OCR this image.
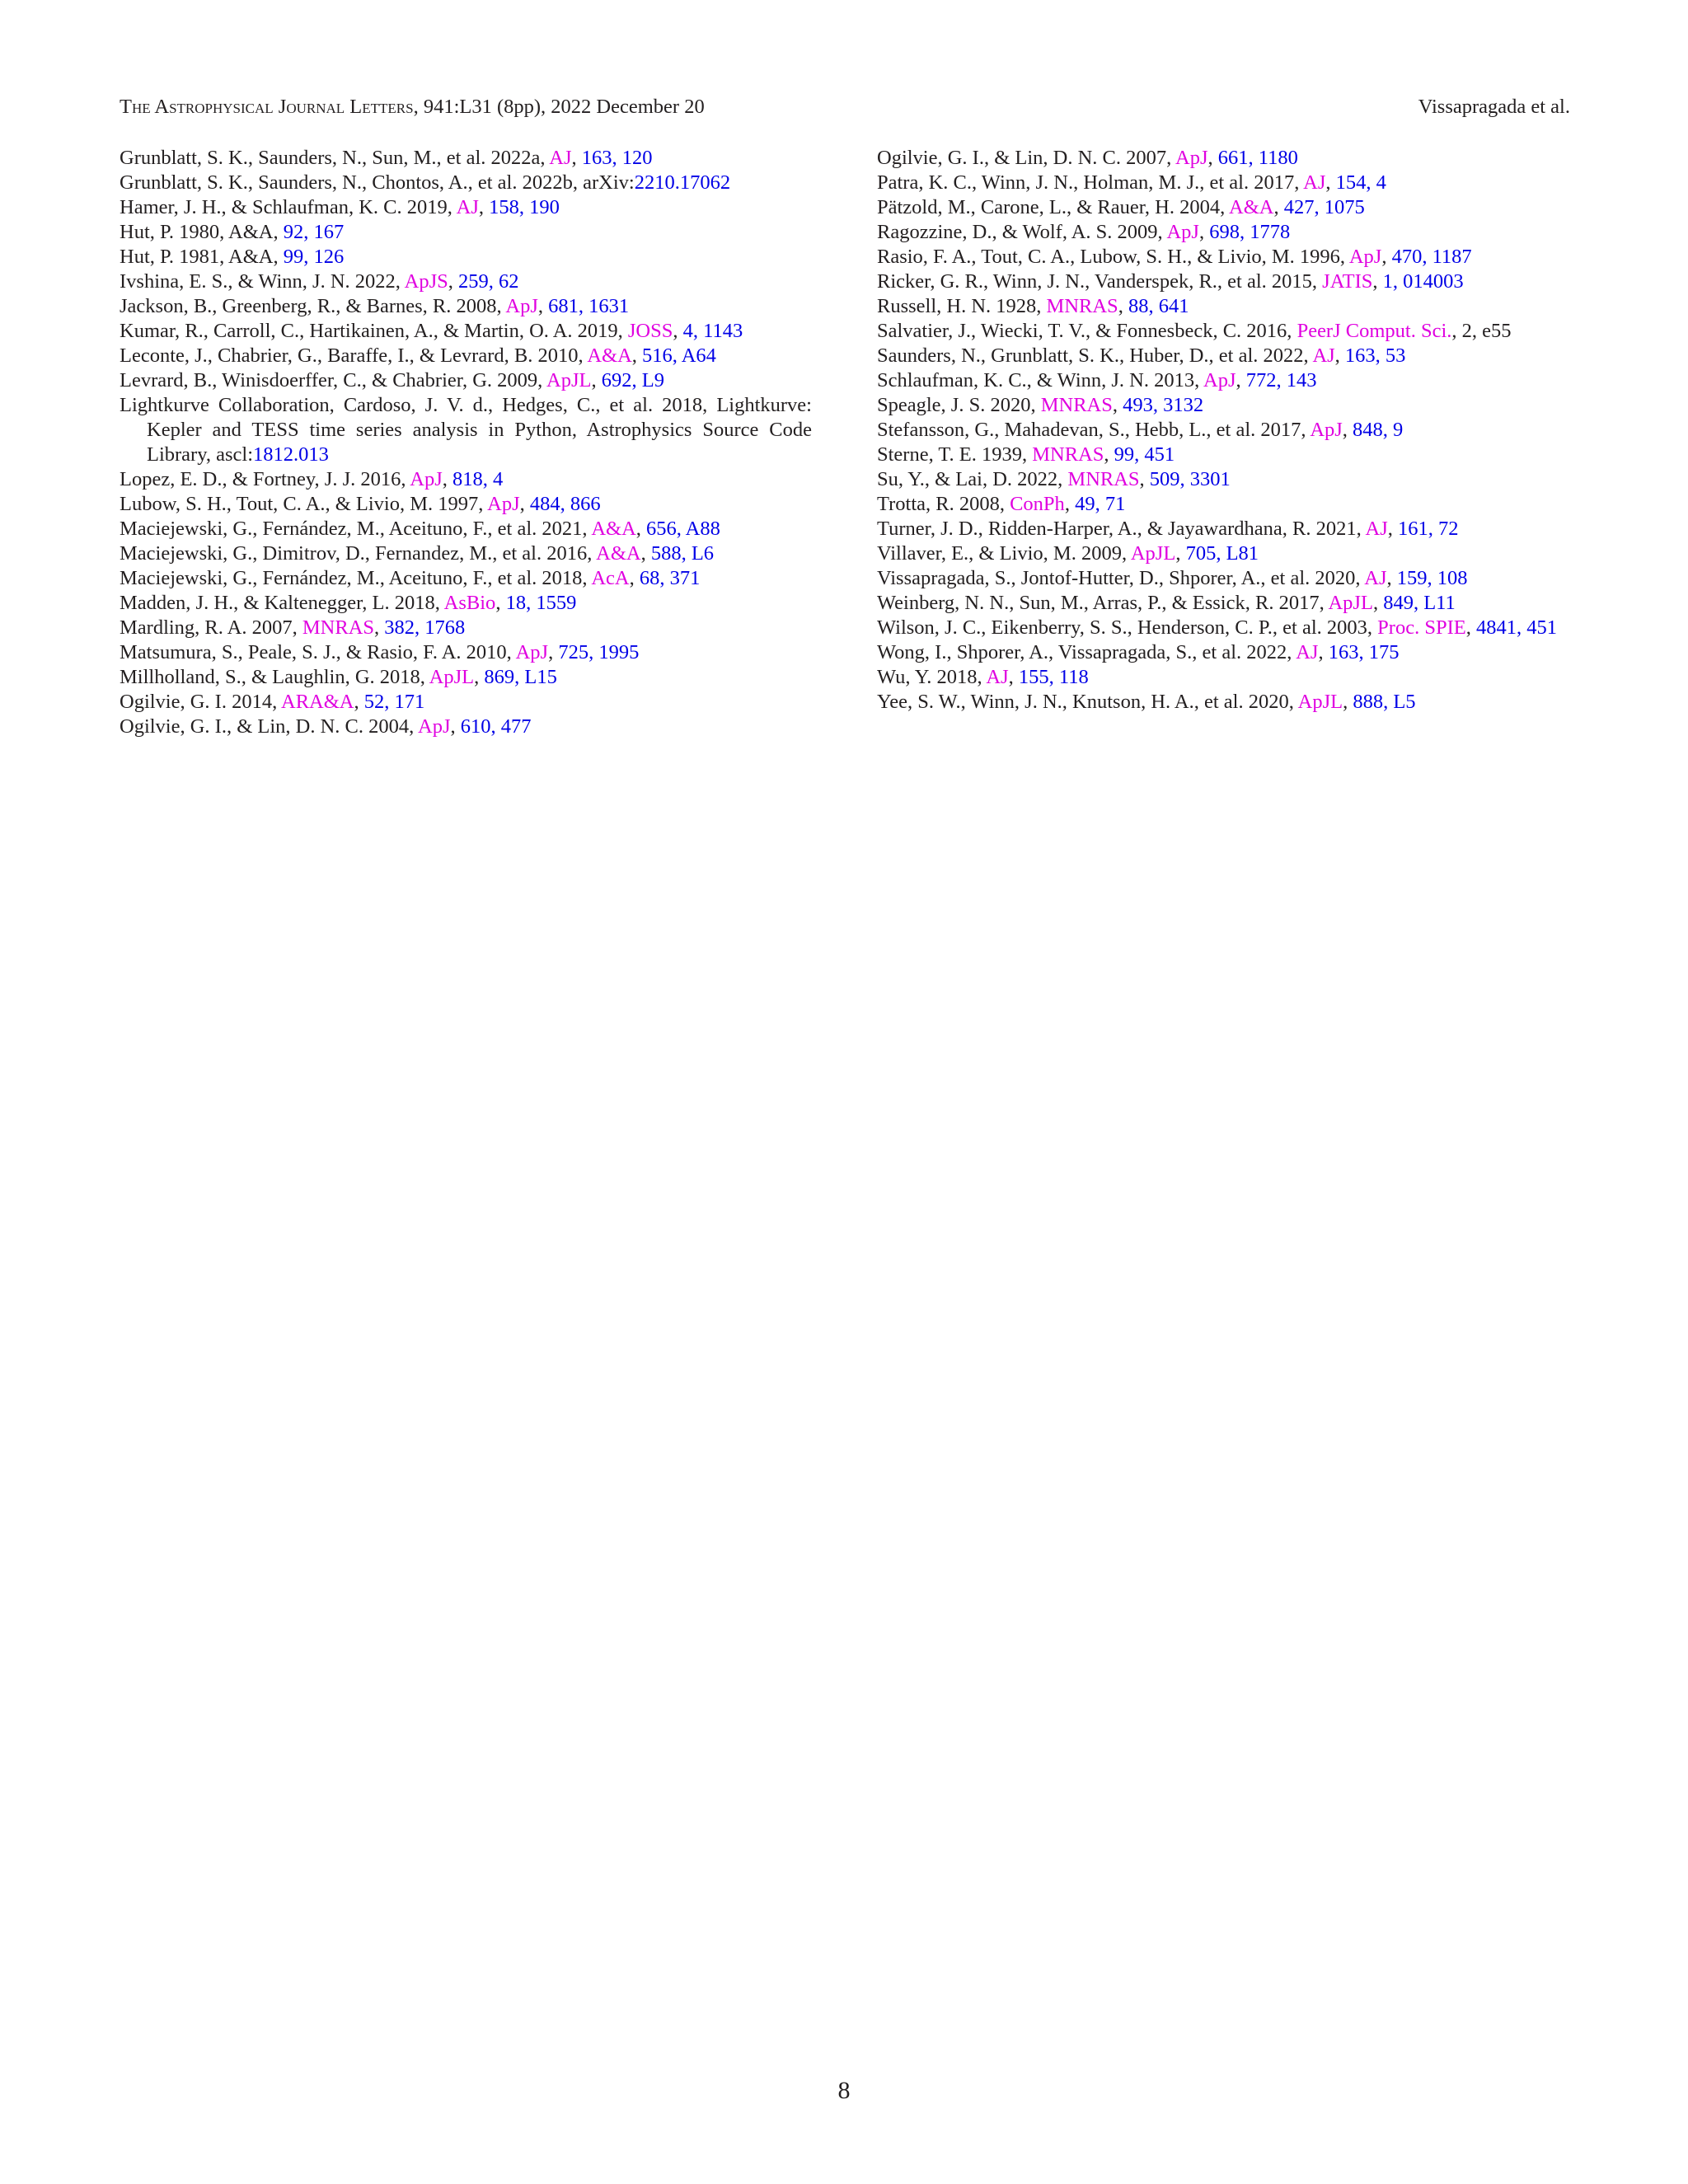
The Astrophysical Journal Letters, 941:L31 (8pp), 2022 December 20	Vissapragada et al.
Grunblatt, S. K., Saunders, N., Sun, M., et al. 2022a, AJ, 163, 120
Grunblatt, S. K., Saunders, N., Chontos, A., et al. 2022b, arXiv:2210.17062
Hamer, J. H., & Schlaufman, K. C. 2019, AJ, 158, 190
Hut, P. 1980, A&A, 92, 167
Hut, P. 1981, A&A, 99, 126
Ivshina, E. S., & Winn, J. N. 2022, ApJS, 259, 62
Jackson, B., Greenberg, R., & Barnes, R. 2008, ApJ, 681, 1631
Kumar, R., Carroll, C., Hartikainen, A., & Martin, O. A. 2019, JOSS, 4, 1143
Leconte, J., Chabrier, G., Baraffe, I., & Levrard, B. 2010, A&A, 516, A64
Levrard, B., Winisdoerffer, C., & Chabrier, G. 2009, ApJL, 692, L9
Lightkurve Collaboration, Cardoso, J. V. d., Hedges, C., et al. 2018, Lightkurve: Kepler and TESS time series analysis in Python, Astrophysics Source Code Library, ascl:1812.013
Lopez, E. D., & Fortney, J. J. 2016, ApJ, 818, 4
Lubow, S. H., Tout, C. A., & Livio, M. 1997, ApJ, 484, 866
Maciejewski, G., Fernández, M., Aceituno, F., et al. 2021, A&A, 656, A88
Maciejewski, G., Dimitrov, D., Fernandez, M., et al. 2016, A&A, 588, L6
Maciejewski, G., Fernández, M., Aceituno, F., et al. 2018, AcA, 68, 371
Madden, J. H., & Kaltenegger, L. 2018, AsBio, 18, 1559
Mardling, R. A. 2007, MNRAS, 382, 1768
Matsumura, S., Peale, S. J., & Rasio, F. A. 2010, ApJ, 725, 1995
Millholland, S., & Laughlin, G. 2018, ApJL, 869, L15
Ogilvie, G. I. 2014, ARA&A, 52, 171
Ogilvie, G. I., & Lin, D. N. C. 2004, ApJ, 610, 477
Ogilvie, G. I., & Lin, D. N. C. 2007, ApJ, 661, 1180
Patra, K. C., Winn, J. N., Holman, M. J., et al. 2017, AJ, 154, 4
Pätzold, M., Carone, L., & Rauer, H. 2004, A&A, 427, 1075
Ragozzine, D., & Wolf, A. S. 2009, ApJ, 698, 1778
Rasio, F. A., Tout, C. A., Lubow, S. H., & Livio, M. 1996, ApJ, 470, 1187
Ricker, G. R., Winn, J. N., Vanderspek, R., et al. 2015, JATIS, 1, 014003
Russell, H. N. 1928, MNRAS, 88, 641
Salvatier, J., Wiecki, T. V., & Fonnesbeck, C. 2016, PeerJ Comput. Sci., 2, e55
Saunders, N., Grunblatt, S. K., Huber, D., et al. 2022, AJ, 163, 53
Schlaufman, K. C., & Winn, J. N. 2013, ApJ, 772, 143
Speagle, J. S. 2020, MNRAS, 493, 3132
Stefansson, G., Mahadevan, S., Hebb, L., et al. 2017, ApJ, 848, 9
Sterne, T. E. 1939, MNRAS, 99, 451
Su, Y., & Lai, D. 2022, MNRAS, 509, 3301
Trotta, R. 2008, ConPh, 49, 71
Turner, J. D., Ridden-Harper, A., & Jayawardhana, R. 2021, AJ, 161, 72
Villaver, E., & Livio, M. 2009, ApJL, 705, L81
Vissapragada, S., Jontof-Hutter, D., Shporer, A., et al. 2020, AJ, 159, 108
Weinberg, N. N., Sun, M., Arras, P., & Essick, R. 2017, ApJL, 849, L11
Wilson, J. C., Eikenberry, S. S., Henderson, C. P., et al. 2003, Proc. SPIE, 4841, 451
Wong, I., Shporer, A., Vissapragada, S., et al. 2022, AJ, 163, 175
Wu, Y. 2018, AJ, 155, 118
Yee, S. W., Winn, J. N., Knutson, H. A., et al. 2020, ApJL, 888, L5
8
